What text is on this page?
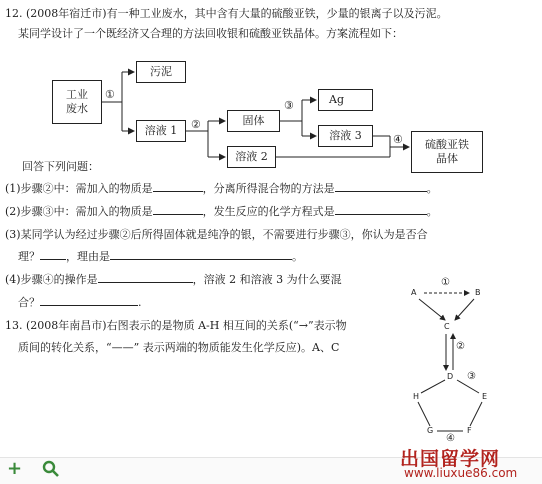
12. (2008年宿迁市)有一种工业废水，其中含有大量的硫酸亚铁，少量的银离子以及污泥。
某同学设计了一个既经济又合理的方法回收银和硫酸亚铁晶体。方案流程如下：
工业
废水
污泥
溶液 1
固体
Ag
溶液 3
溶液 2
硫酸亚铁
晶体
①
②
③
④
回答下列问题：
(1)步骤②中：需加入的物质是	，分离所得混合物的方法是	。
(2)步骤③中：需加入的物质是	，发生反应的化学方程式是	。
(3)某同学认为经过步骤②后所得固体就是纯净的银，不需要进行步骤③，你认为是否合
理？ ，理由是	。
(4)步骤④的操作是	，溶液 2 和溶液 3 为什么要混
合？	.
13. (2008年南昌市)右图表示的是物质 A-H 相互间的关系(“→”表示物
质间的转化关系，“——” 表示两端的物质能发生化学反应)。A、C
A	B
C
D
E
H
G	F
①
②
③
④
+	出国留学网
www.liuxue86.com
